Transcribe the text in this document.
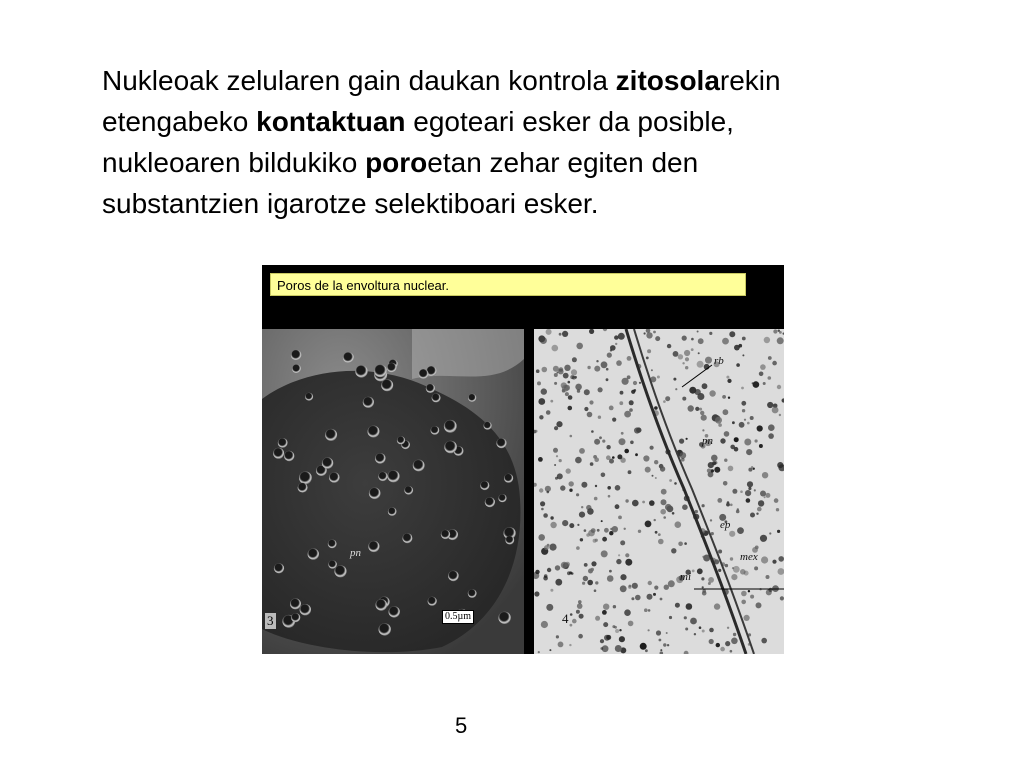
Nukleoak zelularen gain daukan kontrola zitosolarekin
etengabeko kontaktuan egoteari esker da posible,
nukleoaren bildukiko poroetan zehar egiten den
substantzien igarotze selektiboari esker.
Poros de la envoltura nuclear.
pn
3	0.5µm
rb
pn
ep
mex
mi
4
5
